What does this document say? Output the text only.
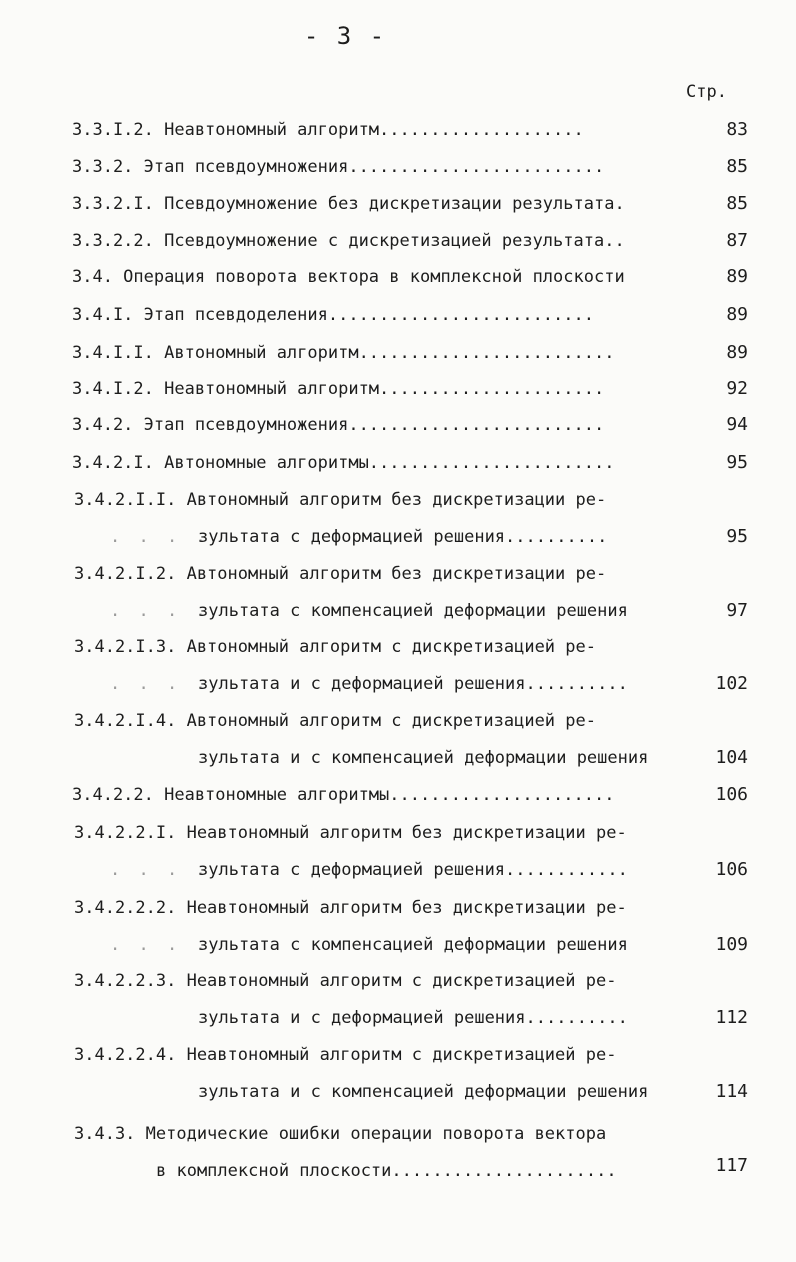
- 3 -
Стр.
3.3.I.2. Неавтономный алгоритм....................	83
3.3.2. Этап псевдоумножения.........................	85
3.3.2.I. Псевдоумножение без дискретизации результата.	85
3.3.2.2. Псевдоумножение с дискретизацией результата..	87
3.4. Операция поворота вектора в комплексной плоскости	89
3.4.I. Этап псевдоделения..........................	89
3.4.I.I. Автономный алгоритм.........................	89
3.4.I.2. Неавтономный алгоритм......................	92
3.4.2. Этап псевдоумножения.........................	94
3.4.2.I. Автономные алгоритмы........................	95
3.4.2.I.I. Автономный алгоритм без дискретизации ре-
. . . .
зультата с деформацией решения..........	95
3.4.2.I.2. Автономный алгоритм без дискретизации ре-
. . . .
зультата с компенсацией деформации решения	97
3.4.2.I.3. Автономный алгоритм с дискретизацией ре-
. . . .
зультата и с деформацией решения..........	102
3.4.2.I.4. Автономный алгоритм с дискретизацией ре-
зультата и с компенсацией деформации решения	104
3.4.2.2. Неавтономные алгоритмы......................	106
3.4.2.2.I. Неавтономный алгоритм без дискретизации ре-
. . . .
зультата с деформацией решения............	106
3.4.2.2.2. Неавтономный алгоритм без дискретизации ре-
. . . .
зультата с компенсацией деформации решения	109
3.4.2.2.3. Неавтономный алгоритм с дискретизацией ре-
зультата и с деформацией решения..........	112
3.4.2.2.4. Неавтономный алгоритм с дискретизацией ре-
зультата и с компенсацией деформации решения	114
3.4.3. Методические ошибки операции поворота вектора
в комплексной плоскости......................	117
